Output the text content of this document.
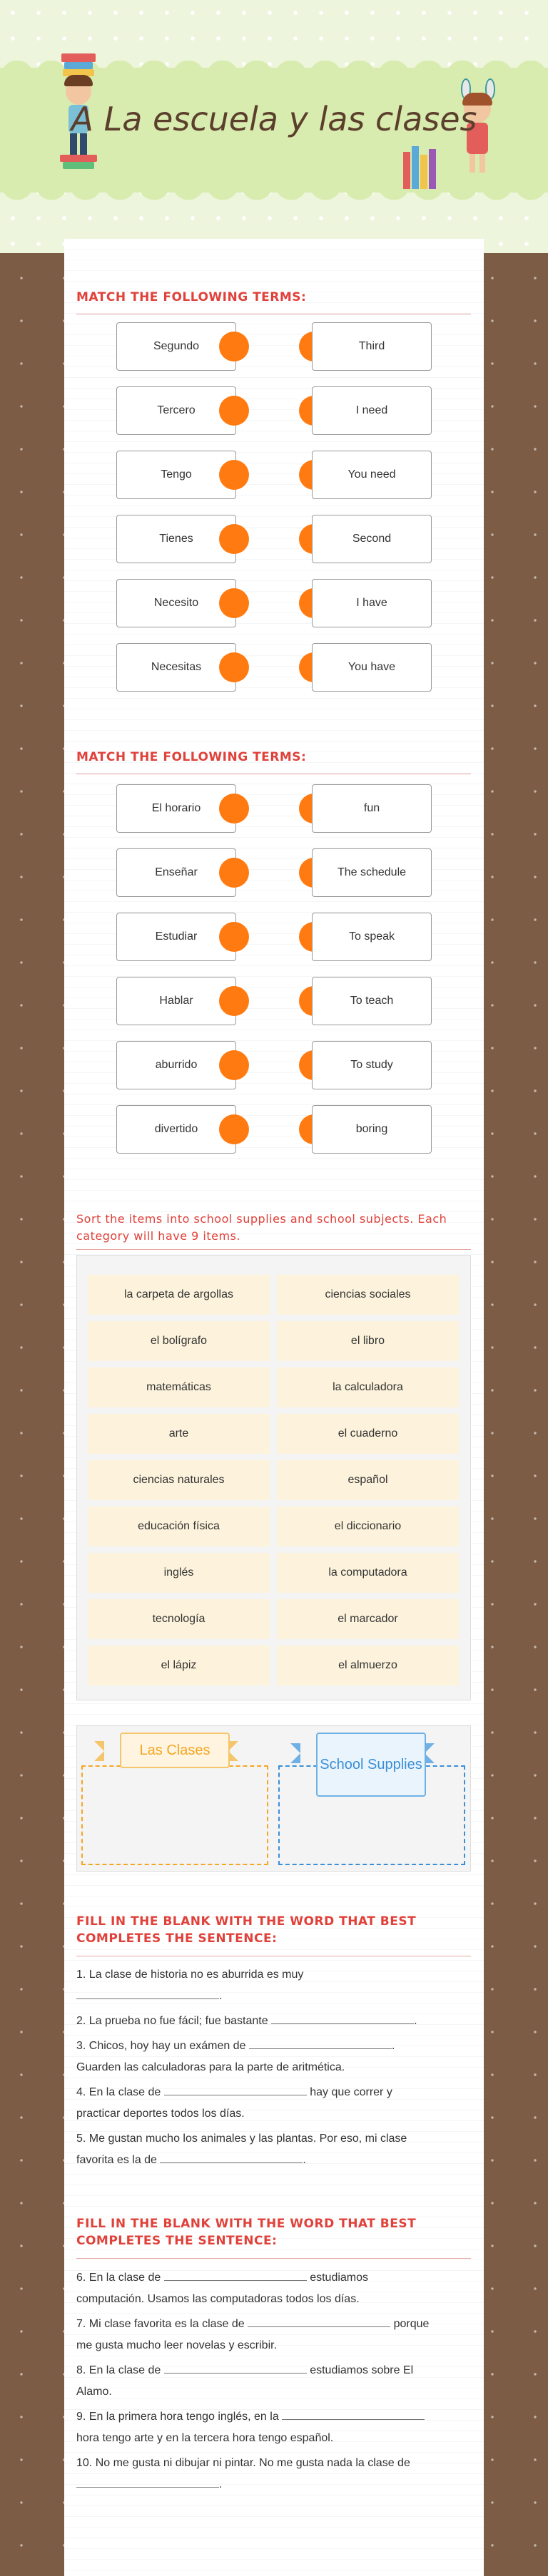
A La escuela y las clases
MATCH THE FOLLOWING TERMS:
Segundo	Third
Tercero	I need
Tengo	You need
Tienes	Second
Necesito	I have
Necesitas	You have
MATCH THE FOLLOWING TERMS:
El horario	fun
Enseñar	The schedule
Estudiar	To speak
Hablar	To teach
aburrido	To study
divertido	boring
Sort the items into school supplies and school subjects. Each category will have 9 items.
la carpeta de argollas	ciencias sociales
el bolígrafo	el libro
matemáticas	la calculadora
arte	el cuaderno
ciencias naturales	español
educación física	el diccionario
inglés	la computadora
tecnología	el marcador
el lápiz	el almuerzo
Las Clases
School Supplies
FILL IN THE BLANK WITH THE WORD THAT BEST COMPLETES THE SENTENCE:
1. La clase de historia no es aburrida es muy
.
2. La prueba no fue fácil; fue bastante	.
3. Chicos, hoy hay un exámen de	.
Guarden las calculadoras para la parte de aritmética.
4. En la clase de	hay que correr y
practicar deportes todos los días.
5. Me gustan mucho los animales y las plantas. Por eso, mi clase
favorita es la de	.
FILL IN THE BLANK WITH THE WORD THAT BEST COMPLETES THE SENTENCE:
6. En la clase de	estudiamos
computación. Usamos las computadoras todos los días.
7. Mi clase favorita es la clase de	porque
me gusta mucho leer novelas y escribir.
8. En la clase de	estudiamos sobre El
Alamo.
9. En la primera hora tengo inglés, en la
hora tengo arte y en la tercera hora tengo español.
10. No me gusta ni dibujar ni pintar. No me gusta nada la clase de
.
